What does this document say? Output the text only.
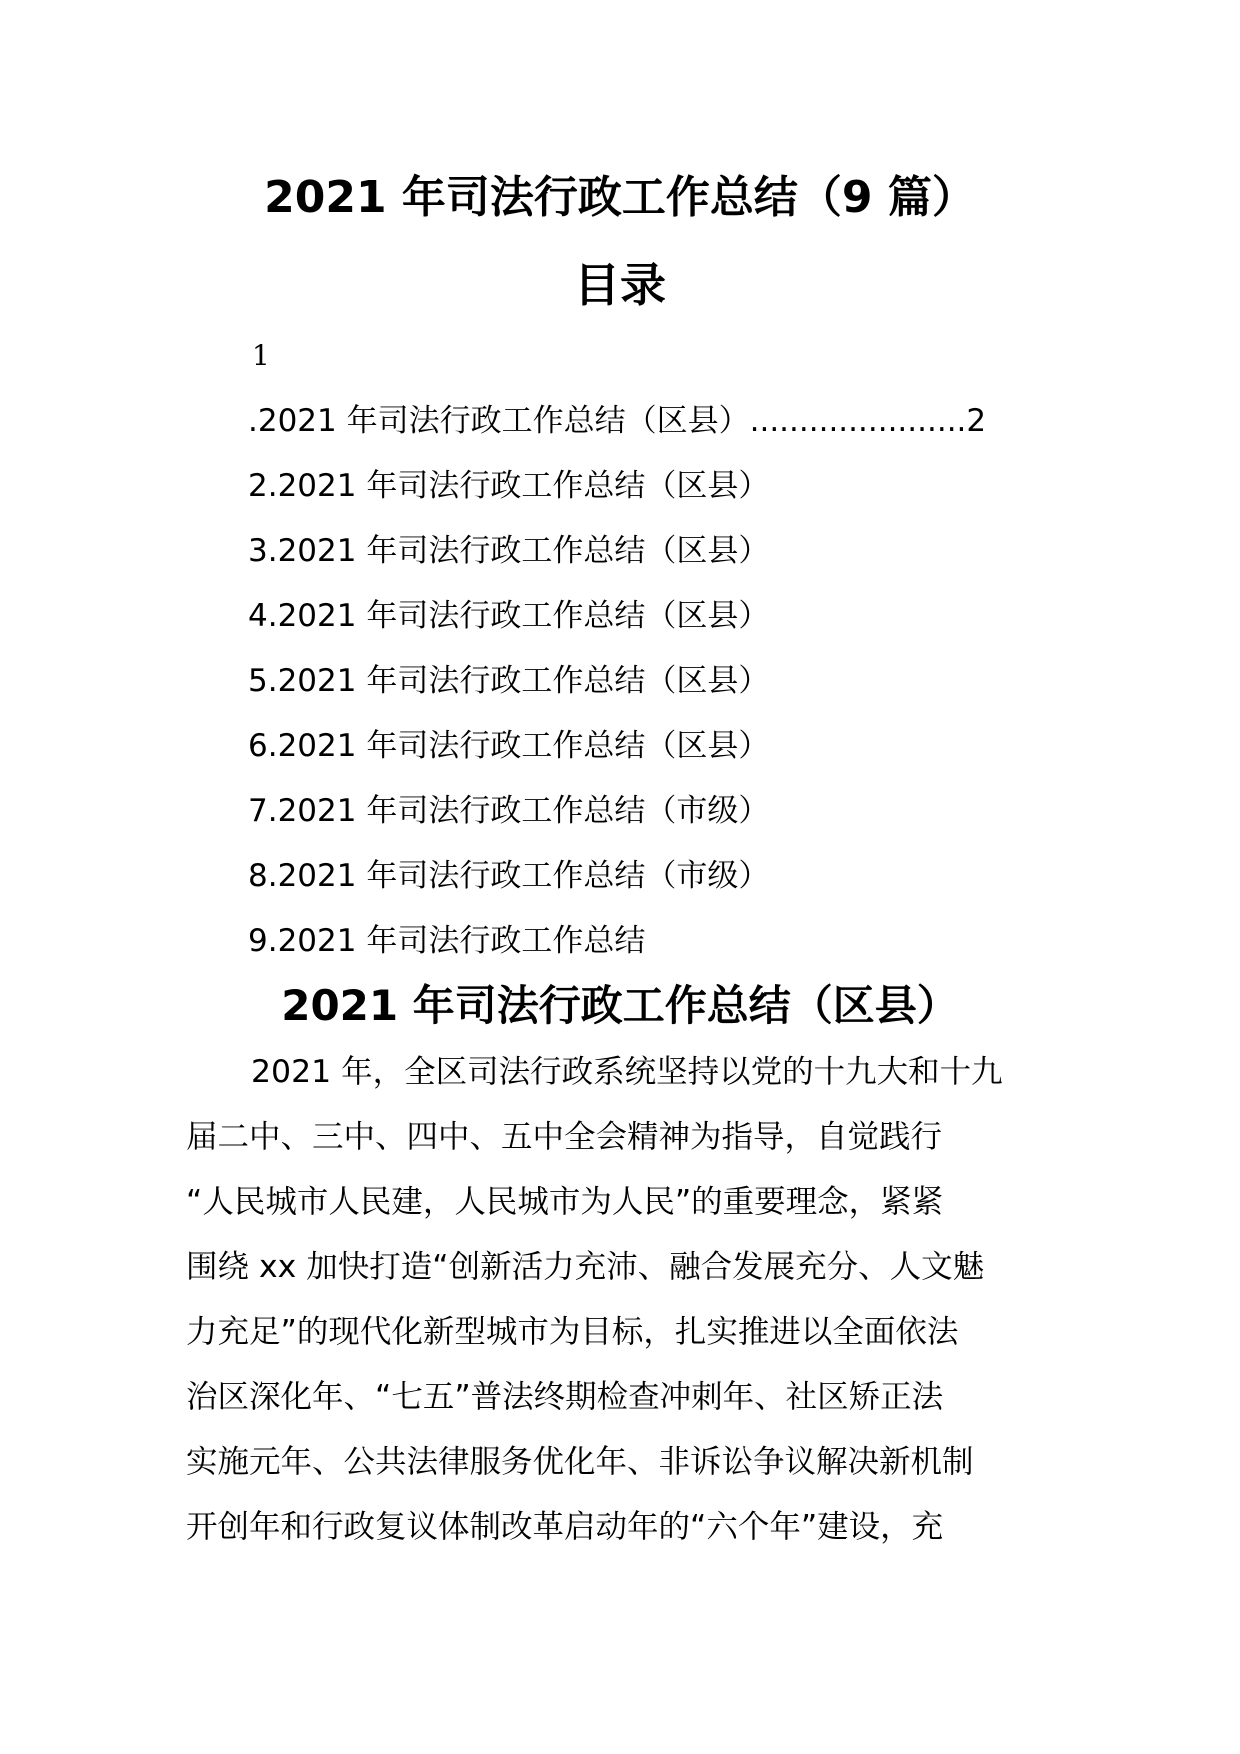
2021 年司法行政工作总结（9 篇）
目录
1
.2021 年司法行政工作总结（区县） ...................... 2
2.2021 年司法行政工作总结（区县）
3.2021 年司法行政工作总结（区县）
4.2021 年司法行政工作总结（区县）
5.2021 年司法行政工作总结（区县）
6.2021 年司法行政工作总结（区县）
7.2021 年司法行政工作总结（市级）
8.2021 年司法行政工作总结（市级）
9.2021 年司法行政工作总结
2021 年司法行政工作总结（区县）
2021 年，全区司法行政系统坚持以党的十九大和十九
届二中、三中、四中、五中全会精神为指导，自觉践行
“人民城市人民建，人民城市为人民”的重要理念，紧紧
围绕 xx 加快打造“创新活力充沛、融合发展充分、人文魅
力充足”的现代化新型城市为目标，扎实推进以全面依法
治区深化年、“七五”普法终期检查冲刺年、社区矫正法
实施元年、公共法律服务优化年、非诉讼争议解决新机制
开创年和行政复议体制改革启动年的“六个年”建设，充
